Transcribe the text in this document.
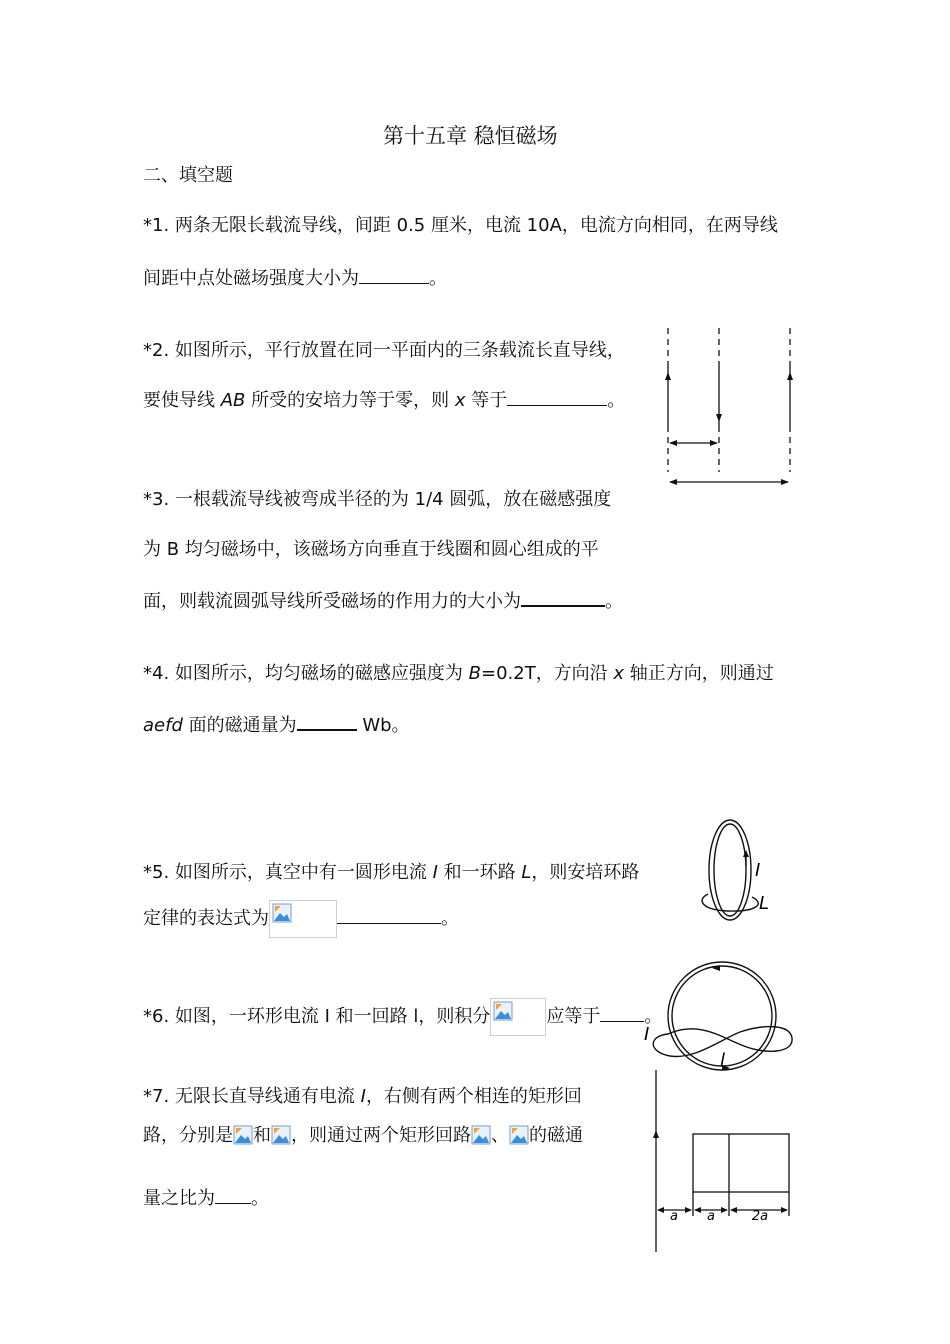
第十五章 稳恒磁场
二、填空题
*1. 两条无限长载流导线，间距 0.5 厘米，电流 10A，电流方向相同，在两导线
间距中点处磁场强度大小为	。
*2. 如图所示，平行放置在同一平面内的三条载流长直导线，
要使导线 AB 所受的安培力等于零，则 x 等于	。
*3. 一根载流导线被弯成半径的为 1/4 圆弧，放在磁感强度
为 B 均匀磁场中，该磁场方向垂直于线圈和圆心组成的平
面，则载流圆弧导线所受磁场的作用力的大小为	。
*4. 如图所示，均匀磁场的磁感应强度为 B=0.2T，方向沿 x 轴正方向，则通过
aefd 面的磁通量为	Wb。
*5. 如图所示，真空中有一圆形电流 I 和一环路 L，则安培环路
定律的表达式为	。
I
L
*6. 如图，一环形电流 I 和一回路 l，则积分	应等于 。
I
l
*7. 无限长直导线通有电流 I，右侧有两个相连的矩形回
路，分别是 和 ，则通过两个矩形回路 、 的磁通
量之比为 。
a a	2a
